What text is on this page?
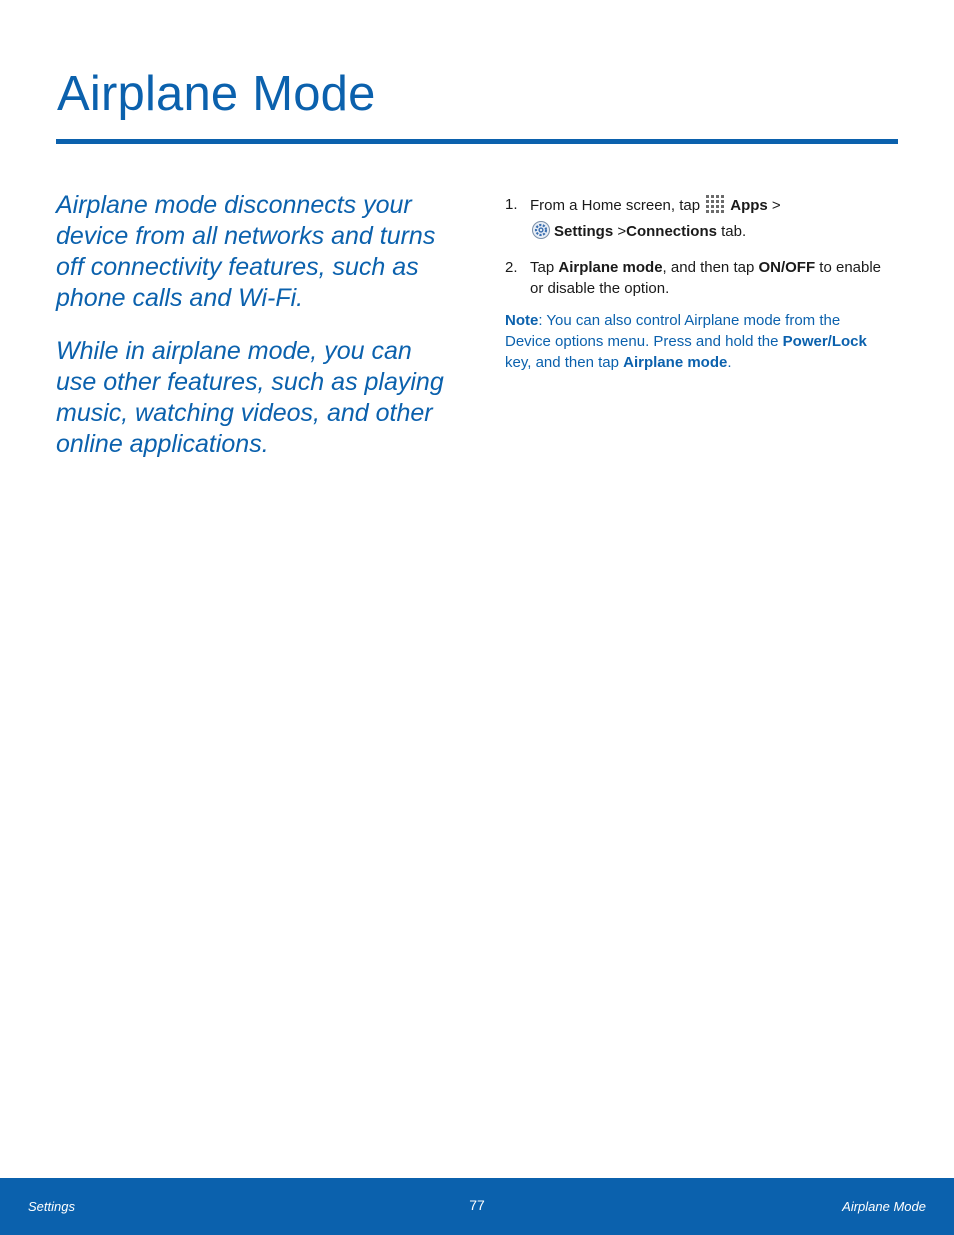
Airplane Mode

Airplane mode disconnects your device from all networks and turns off connectivity features, such as phone calls and Wi-Fi.

While in airplane mode, you can use other features, such as playing music, watching videos, and other online applications.

1. From a Home screen, tap Apps >
Settings >Connections tab.
2. Tap Airplane mode, and then tap ON/OFF to enable or disable the option.
Note: You can also control Airplane mode from the Device options menu. Press and hold the Power/Lock key, and then tap Airplane mode.
Settings	77	Airplane Mode
